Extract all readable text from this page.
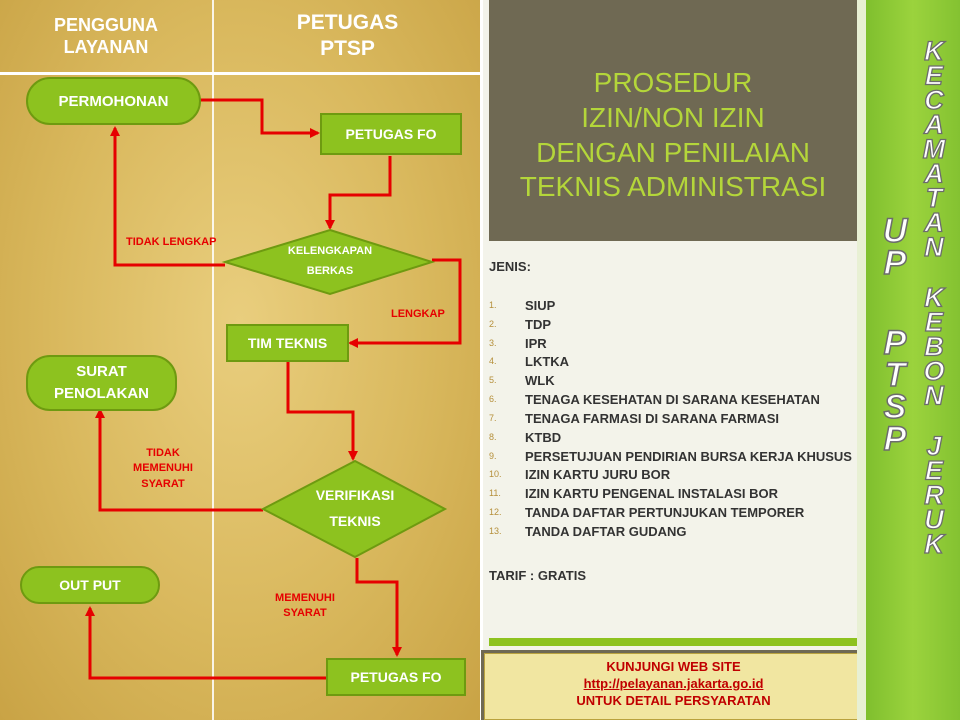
PENGGUNA
LAYANAN
PETUGAS
PTSP
PERMOHONAN
PETUGAS FO
KELENGKAPAN
BERKAS
TIM TEKNIS
SURAT
PENOLAKAN
VERIFIKASI
TEKNIS
OUT PUT
PETUGAS FO
TIDAK LENGKAP
LENGKAP
TIDAK
MEMENUHI
SYARAT
MEMENUHI
SYARAT
PROSEDUR
IZIN/NON IZIN
DENGAN PENILAIAN
TEKNIS ADMINISTRASI
JENIS:
1. SIUP
2. TDP
3. IPR
4. LKTKA
5. WLK
6. TENAGA KESEHATAN DI SARANA KESEHATAN
7. TENAGA FARMASI DI SARANA FARMASI
8. KTBD
9. PERSETUJUAN PENDIRIAN BURSA KERJA KHUSUS
10. IZIN KARTU JURU BOR
11. IZIN KARTU PENGENAL INSTALASI BOR
12. TANDA DAFTAR PERTUNJUKAN TEMPORER
13. TANDA DAFTAR GUDANG
TARIF : GRATIS
KUNJUNGI WEB SITE
http://pelayanan.jakarta.go.id
UNTUK DETAIL PERSYARATAN
U
P
P
T
S
P
K
E
C
A
M
A
T
A
N
K
E
B
O
N
J
E
R
U
K
